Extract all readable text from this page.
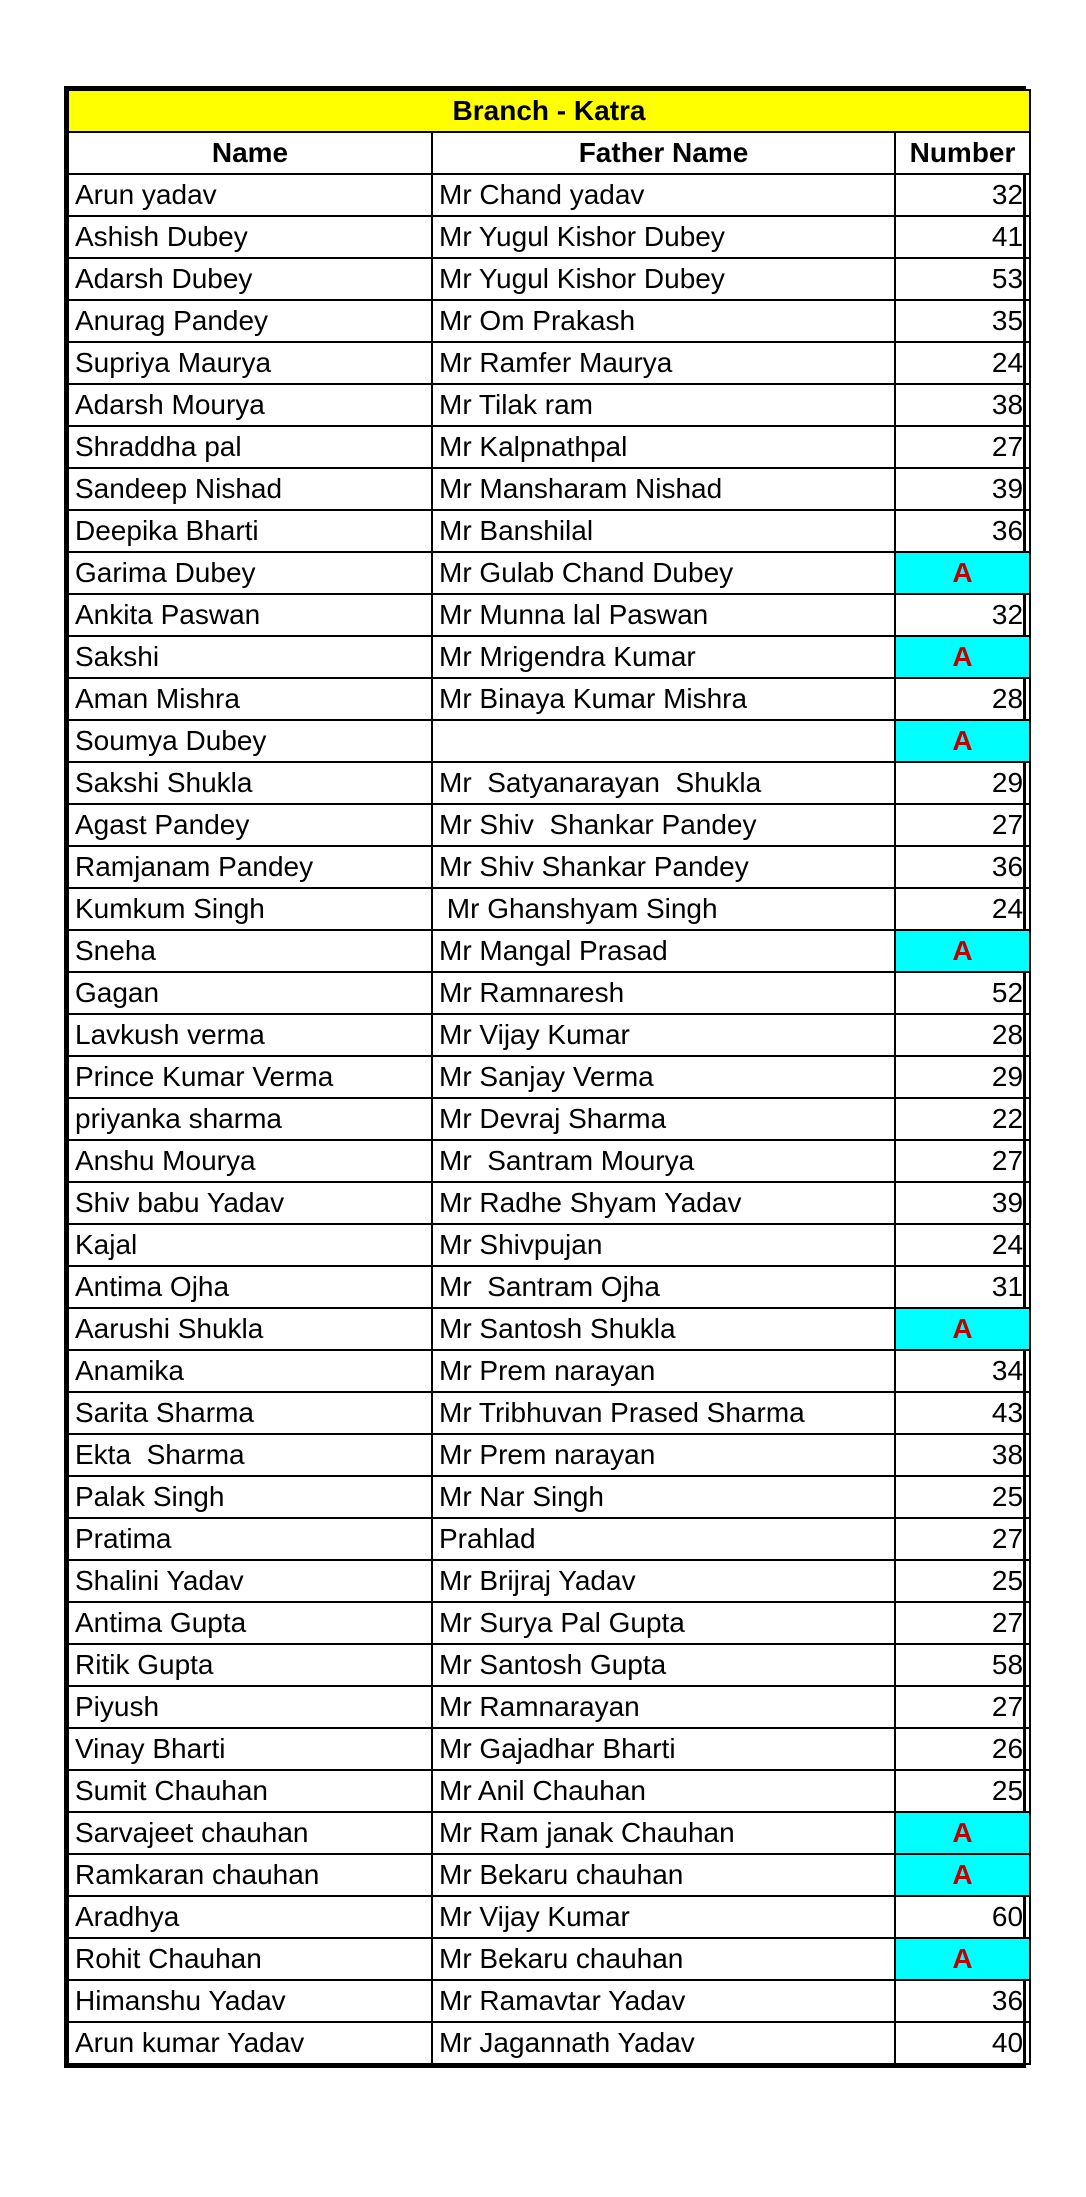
Branch - Katra		
Name	Father Name	Number
Arun yadav	Mr Chand yadav	32
Ashish Dubey	Mr Yugul Kishor Dubey	41
Adarsh Dubey	Mr Yugul Kishor Dubey	53
Anurag Pandey	Mr Om Prakash	35
Supriya Maurya	Mr Ramfer Maurya	24
Adarsh Mourya	Mr Tilak ram	38
Shraddha pal	Mr Kalpnathpal	27
Sandeep Nishad	Mr Mansharam Nishad	39
Deepika Bharti	Mr Banshilal	36
Garima Dubey	Mr Gulab Chand Dubey	A
Ankita Paswan	Mr Munna lal Paswan	32
Sakshi	Mr Mrigendra Kumar	A
Aman Mishra	Mr Binaya Kumar Mishra	28
Soumya Dubey		A
Sakshi Shukla	Mr  Satyanarayan  Shukla	29
Agast Pandey	Mr Shiv  Shankar Pandey	27
Ramjanam Pandey	Mr Shiv Shankar Pandey	36
Kumkum Singh	Mr Ghanshyam Singh	24
Sneha	Mr Mangal Prasad	A
Gagan	Mr Ramnaresh	52
Lavkush verma	Mr Vijay Kumar	28
Prince Kumar Verma	Mr Sanjay Verma	29
priyanka sharma	Mr Devraj Sharma	22
Anshu Mourya	Mr  Santram Mourya	27
Shiv babu Yadav	Mr Radhe Shyam Yadav	39
Kajal	Mr Shivpujan	24
Antima Ojha	Mr  Santram Ojha	31
Aarushi Shukla	Mr Santosh Shukla	A
Anamika	Mr Prem narayan	34
Sarita Sharma	Mr Tribhuvan Prased Sharma	43
Ekta  Sharma	Mr Prem narayan	38
Palak Singh	Mr Nar Singh	25
Pratima	Prahlad	27
Shalini Yadav	Mr Brijraj Yadav	25
Antima Gupta	Mr Surya Pal Gupta	27
Ritik Gupta	Mr Santosh Gupta	58
Piyush	Mr Ramnarayan	27
Vinay Bharti	Mr Gajadhar Bharti	26
Sumit Chauhan	Mr Anil Chauhan	25
Sarvajeet chauhan	Mr Ram janak Chauhan	A
Ramkaran chauhan	Mr Bekaru chauhan	A
Aradhya	Mr Vijay Kumar	60
Rohit Chauhan	Mr Bekaru chauhan	A
Himanshu Yadav	Mr Ramavtar Yadav	36
Arun kumar Yadav	Mr Jagannath Yadav	40
